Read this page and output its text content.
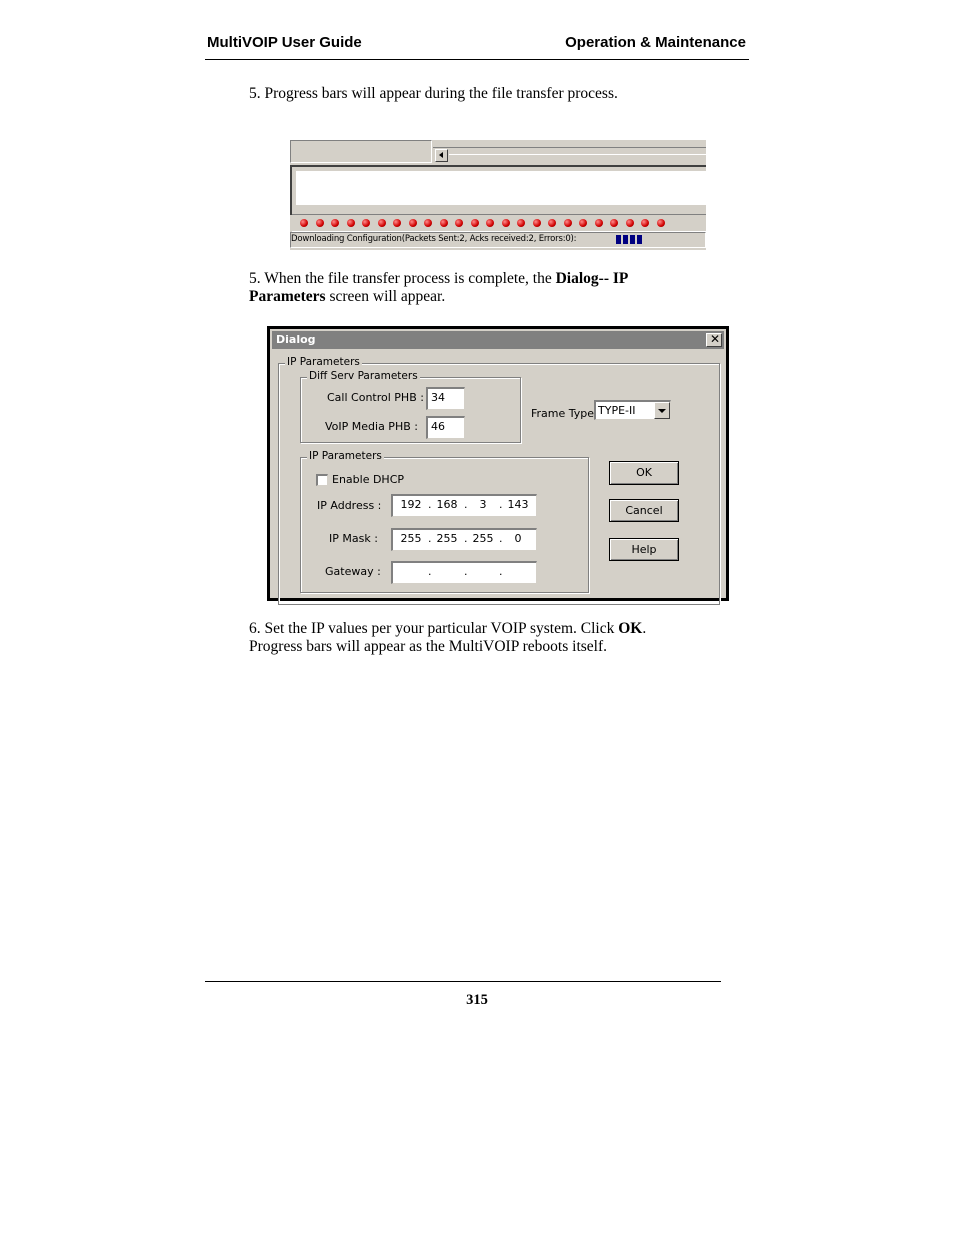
MultiVOIP User Guide	Operation & Maintenance
5. Progress bars will appear during the file transfer process.
Downloading Configuration(Packets Sent:2, Acks received:2, Errors:0):
5. When the file transfer process is complete, the Dialog-- IP
Parameters screen will appear.
Dialog	✕
IP Parameters
Diff Serv Parameters
Call Control PHB : 34
VoIP Media PHB :	46
Frame Type TYPE-II
IP Parameters
Enable DHCP
IP Address : 192 . 168 .	3	. 143
IP Mask : 255 . 255 . 255 .	0
Gateway :	.	.	.
OK
Cancel
Help
6. Set the IP values per your particular VOIP system. Click OK.
Progress bars will appear as the MultiVOIP reboots itself.
315
